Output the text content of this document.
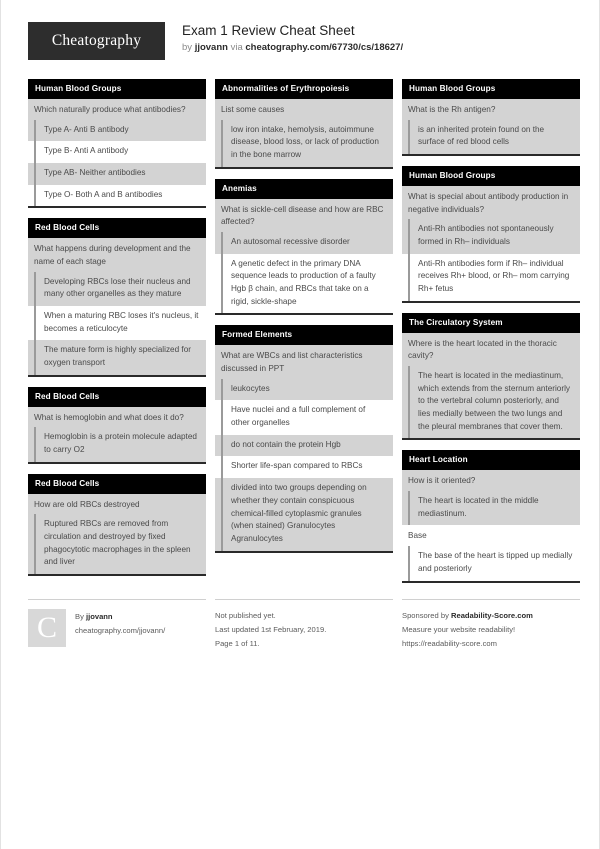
Cheatography
Exam 1 Review Cheat Sheet
by jjovann via cheatography.com/67730/cs/18627/
Human Blood Groups
Which naturally produce what antibodies?
Type A- Anti B antibody
Type B- Anti A antibody
Type AB- Neither antibodies
Type O- Both A and B antibodies
Red Blood Cells
What happens during development and the name of each stage
Developing RBCs lose their nucleus and many other organelles as they mature
When a maturing RBC loses it's nucleus, it becomes a reticulocyte
The mature form is highly specialized for oxygen transport
Red Blood Cells
What is hemoglobin and what does it do?
Hemoglobin is a protein molecule adapted to carry O2
Red Blood Cells
How are old RBCs destroyed
Ruptured RBCs are removed from circulation and destroyed by fixed phagocytotic macrophages in the spleen and liver
Abnormalities of Erythropoiesis
List some causes
low iron intake, hemolysis, autoimmune disease, blood loss, or lack of production in the bone marrow
Anemias
What is sickle-cell disease and how are RBC affected?
An autosomal recessive disorder
A genetic defect in the primary DNA sequence leads to production of a faulty Hgb β chain, and RBCs that take on a rigid, sickle-shape
Formed Elements
What are WBCs and list characteristics discussed in PPT
leukocytes
Have nuclei and a full complement of other organelles
do not contain the protein Hgb
Shorter life-span compared to RBCs
divided into two groups depending on whether they contain conspicuous chemical-filled cytoplasmic granules (when stained) Granulocytes Agranulocytes
Human Blood Groups
What is the Rh antigen?
is an inherited protein found on the surface of red blood cells
Human Blood Groups
What is special about antibody production in negative individuals?
Anti-Rh antibodies not spontaneously formed in Rh– individuals
Anti-Rh antibodies form if Rh– individual receives Rh+ blood, or Rh– mom carrying Rh+ fetus
The Circulatory System
Where is the heart located in the thoracic cavity?
The heart is located in the mediastinum, which extends from the sternum anteriorly to the vertebral column posteriorly, and lies medially between the two lungs and the pleural membranes that cover them.
Heart Location
How is it oriented?
The heart is located in the middle mediastinum.
Base
The base of the heart is tipped up medially and posteriorly
C	By jjovann
cheatography.com/jjovann/
Not published yet.
Last updated 1st February, 2019.
Page 1 of 11.
Sponsored by Readability-Score.com
Measure your website readability!
https://readability-score.com
